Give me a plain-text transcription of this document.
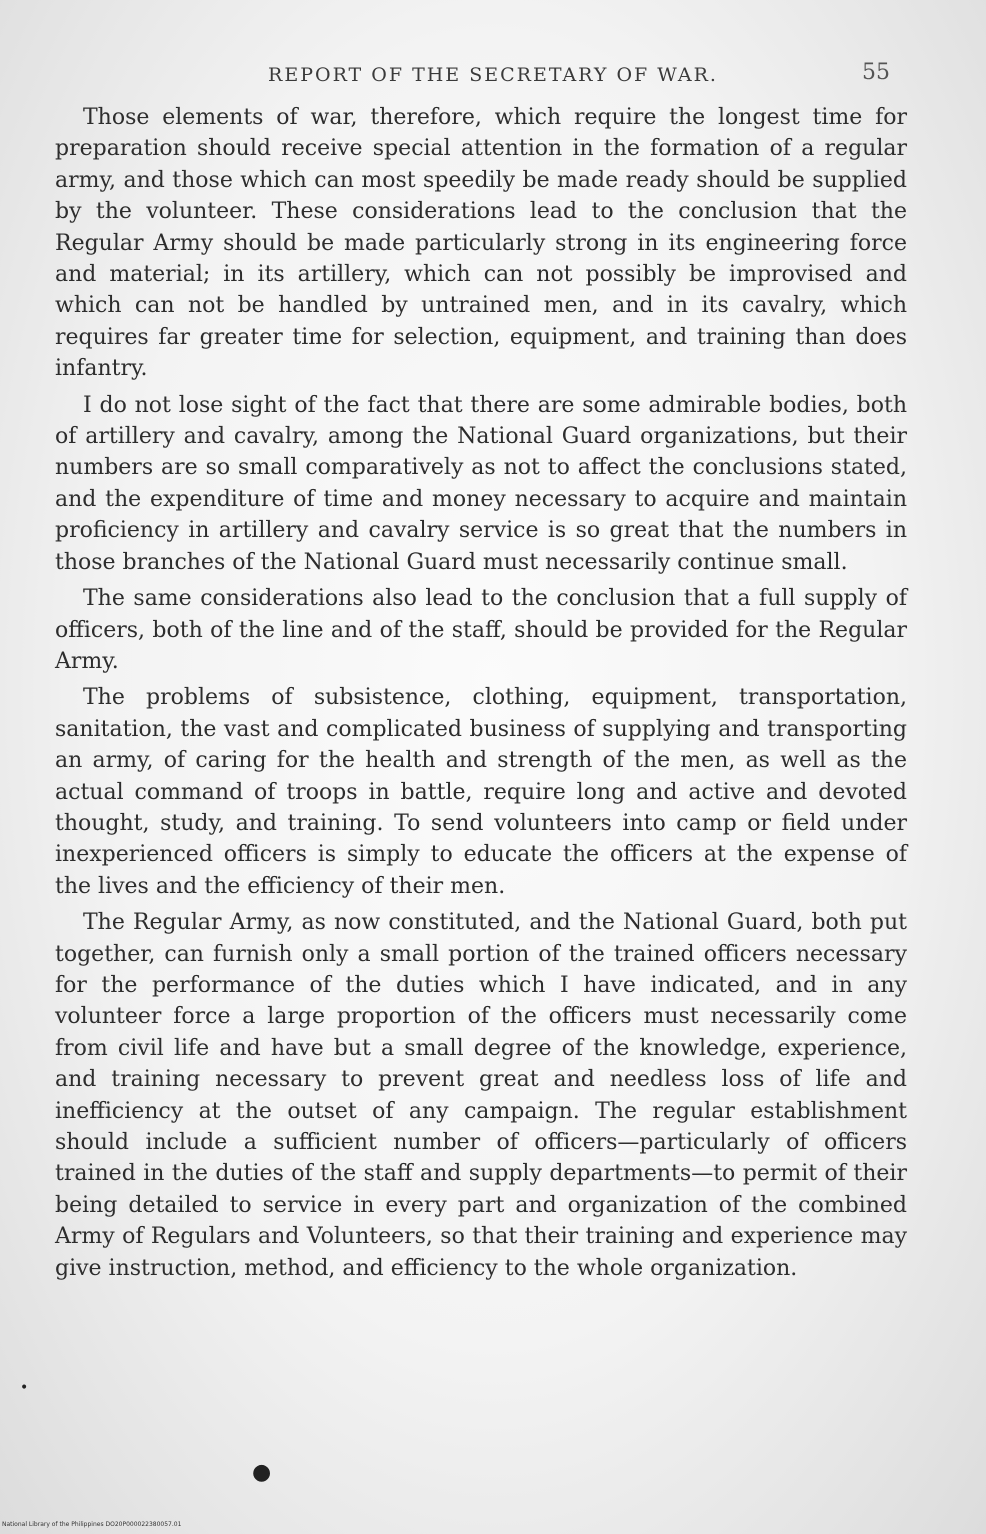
REPORT OF THE SECRETARY OF WAR.	55

Those elements of war, therefore, which require the longest time for preparation should receive special attention in the formation of a regular army, and those which can most speedily be made ready should be supplied by the volunteer. These considerations lead to the conclusion that the Regular Army should be made particularly strong in its engineering force and material; in its artillery, which can not possibly be improvised and which can not be handled by untrained men, and in its cavalry, which requires far greater time for selection, equipment, and training than does infantry.

I do not lose sight of the fact that there are some admirable bodies, both of artillery and cavalry, among the National Guard organizations, but their numbers are so small comparatively as not to affect the conclusions stated, and the expenditure of time and money necessary to acquire and maintain proficiency in artillery and cavalry service is so great that the numbers in those branches of the National Guard must necessarily continue small.

The same considerations also lead to the conclusion that a full supply of officers, both of the line and of the staff, should be provided for the Regular Army.

The problems of subsistence, clothing, equipment, transportation, sanitation, the vast and complicated business of supplying and transporting an army, of caring for the health and strength of the men, as well as the actual command of troops in battle, require long and active and devoted thought, study, and training. To send volunteers into camp or field under inexperienced officers is simply to educate the officers at the expense of the lives and the efficiency of their men.

The Regular Army, as now constituted, and the National Guard, both put together, can furnish only a small portion of the trained officers necessary for the performance of the duties which I have indicated, and in any volunteer force a large proportion of the officers must necessarily come from civil life and have but a small degree of the knowledge, experience, and training necessary to prevent great and needless loss of life and inefficiency at the outset of any campaign. The regular establishment should include a sufficient number of officers—particularly of officers trained in the duties of the staff and supply departments—to permit of their being detailed to service in every part and organization of the combined Army of Regulars and Volunteers, so that their training and experience may give instruction, method, and efficiency to the whole organization.

•
●
National Library of the Philippines DO20P000022380057.01
